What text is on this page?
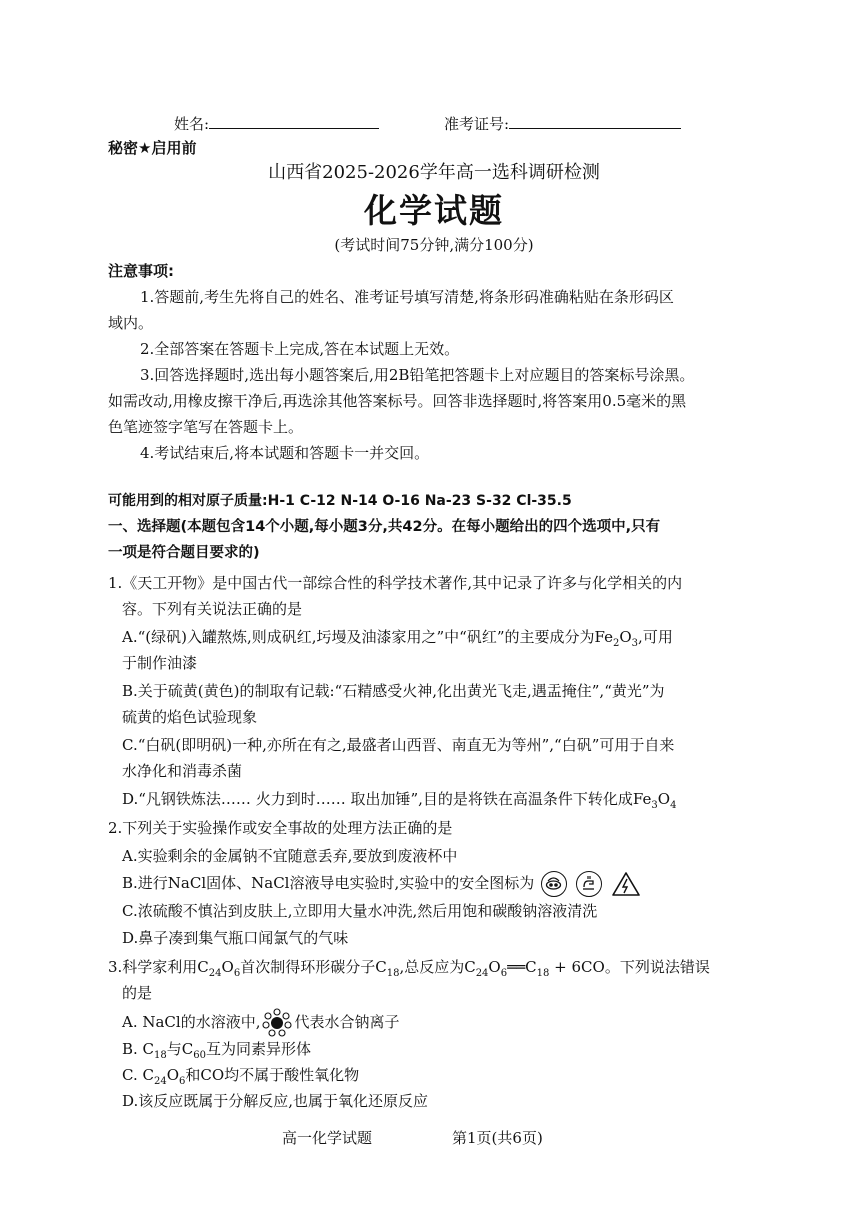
姓名:	准考证号:
秘密★启用前
山西省2025-2026学年高一选科调研检测
化学试题
(考试时间75分钟,满分100分)
注意事项:
1.答题前,考生先将自己的姓名、准考证号填写清楚,将条形码准确粘贴在条形码区
域内。
2.全部答案在答题卡上完成,答在本试题上无效。
3.回答选择题时,选出每小题答案后,用2B铅笔把答题卡上对应题目的答案标号涂黑。
如需改动,用橡皮擦干净后,再选涂其他答案标号。回答非选择题时,将答案用0.5毫米的黑
色笔迹签字笔写在答题卡上。
4.考试结束后,将本试题和答题卡一并交回。
可能用到的相对原子质量:H-1 C-12 N-14 O-16 Na-23 S-32 Cl-35.5
一、选择题(本题包含14个小题,每小题3分,共42分。在每小题给出的四个选项中,只有
一项是符合题目要求的)
1.《天工开物》是中国古代一部综合性的科学技术著作,其中记录了许多与化学相关的内
容。下列有关说法正确的是
A.“(绿矾)入罐熬炼,则成矾红,圬墁及油漆家用之”中“矾红”的主要成分为$Fe_2O_3$,可用
于制作油漆
B.关于硫黄(黄色)的制取有记载:“石精感受火神,化出黄光飞走,遇盂掩住”,“黄光”为
硫黄的焰色试验现象
C.“白矾(即明矾)一种,亦所在有之,最盛者山西晋、南直无为等州”,“白矾”可用于自来
水净化和消毒杀菌
D.“凡钢铁炼法…… 火力到时…… 取出加锤”,目的是将铁在高温条件下转化成$Fe_3O_4$
2.下列关于实验操作或安全事故的处理方法正确的是
A.实验剩余的金属钠不宜随意丢弃,要放到废液杯中
B.进行NaCl固体、NaCl溶液导电实验时,实验中的安全图标为

C.浓硫酸不慎沾到皮肤上,立即用大量水冲洗,然后用饱和碳酸钠溶液清洗
D.鼻子凑到集气瓶口闻氯气的气味
3.科学家利用$C_{24}O_6$首次制得环形碳分子$C_{18}$,总反应为$C_{24}O_6══C_{18} + 6CO$。下列说法错误
的是
A. NaCl的水溶液中, 代表水合钠离子
B. $C_{18}$与$C_{60}$互为同素异形体
C. $C_{24}O_6$和CO均不属于酸性氧化物
D.该反应既属于分解反应,也属于氧化还原反应
高一化学试题	第1页(共6页)
